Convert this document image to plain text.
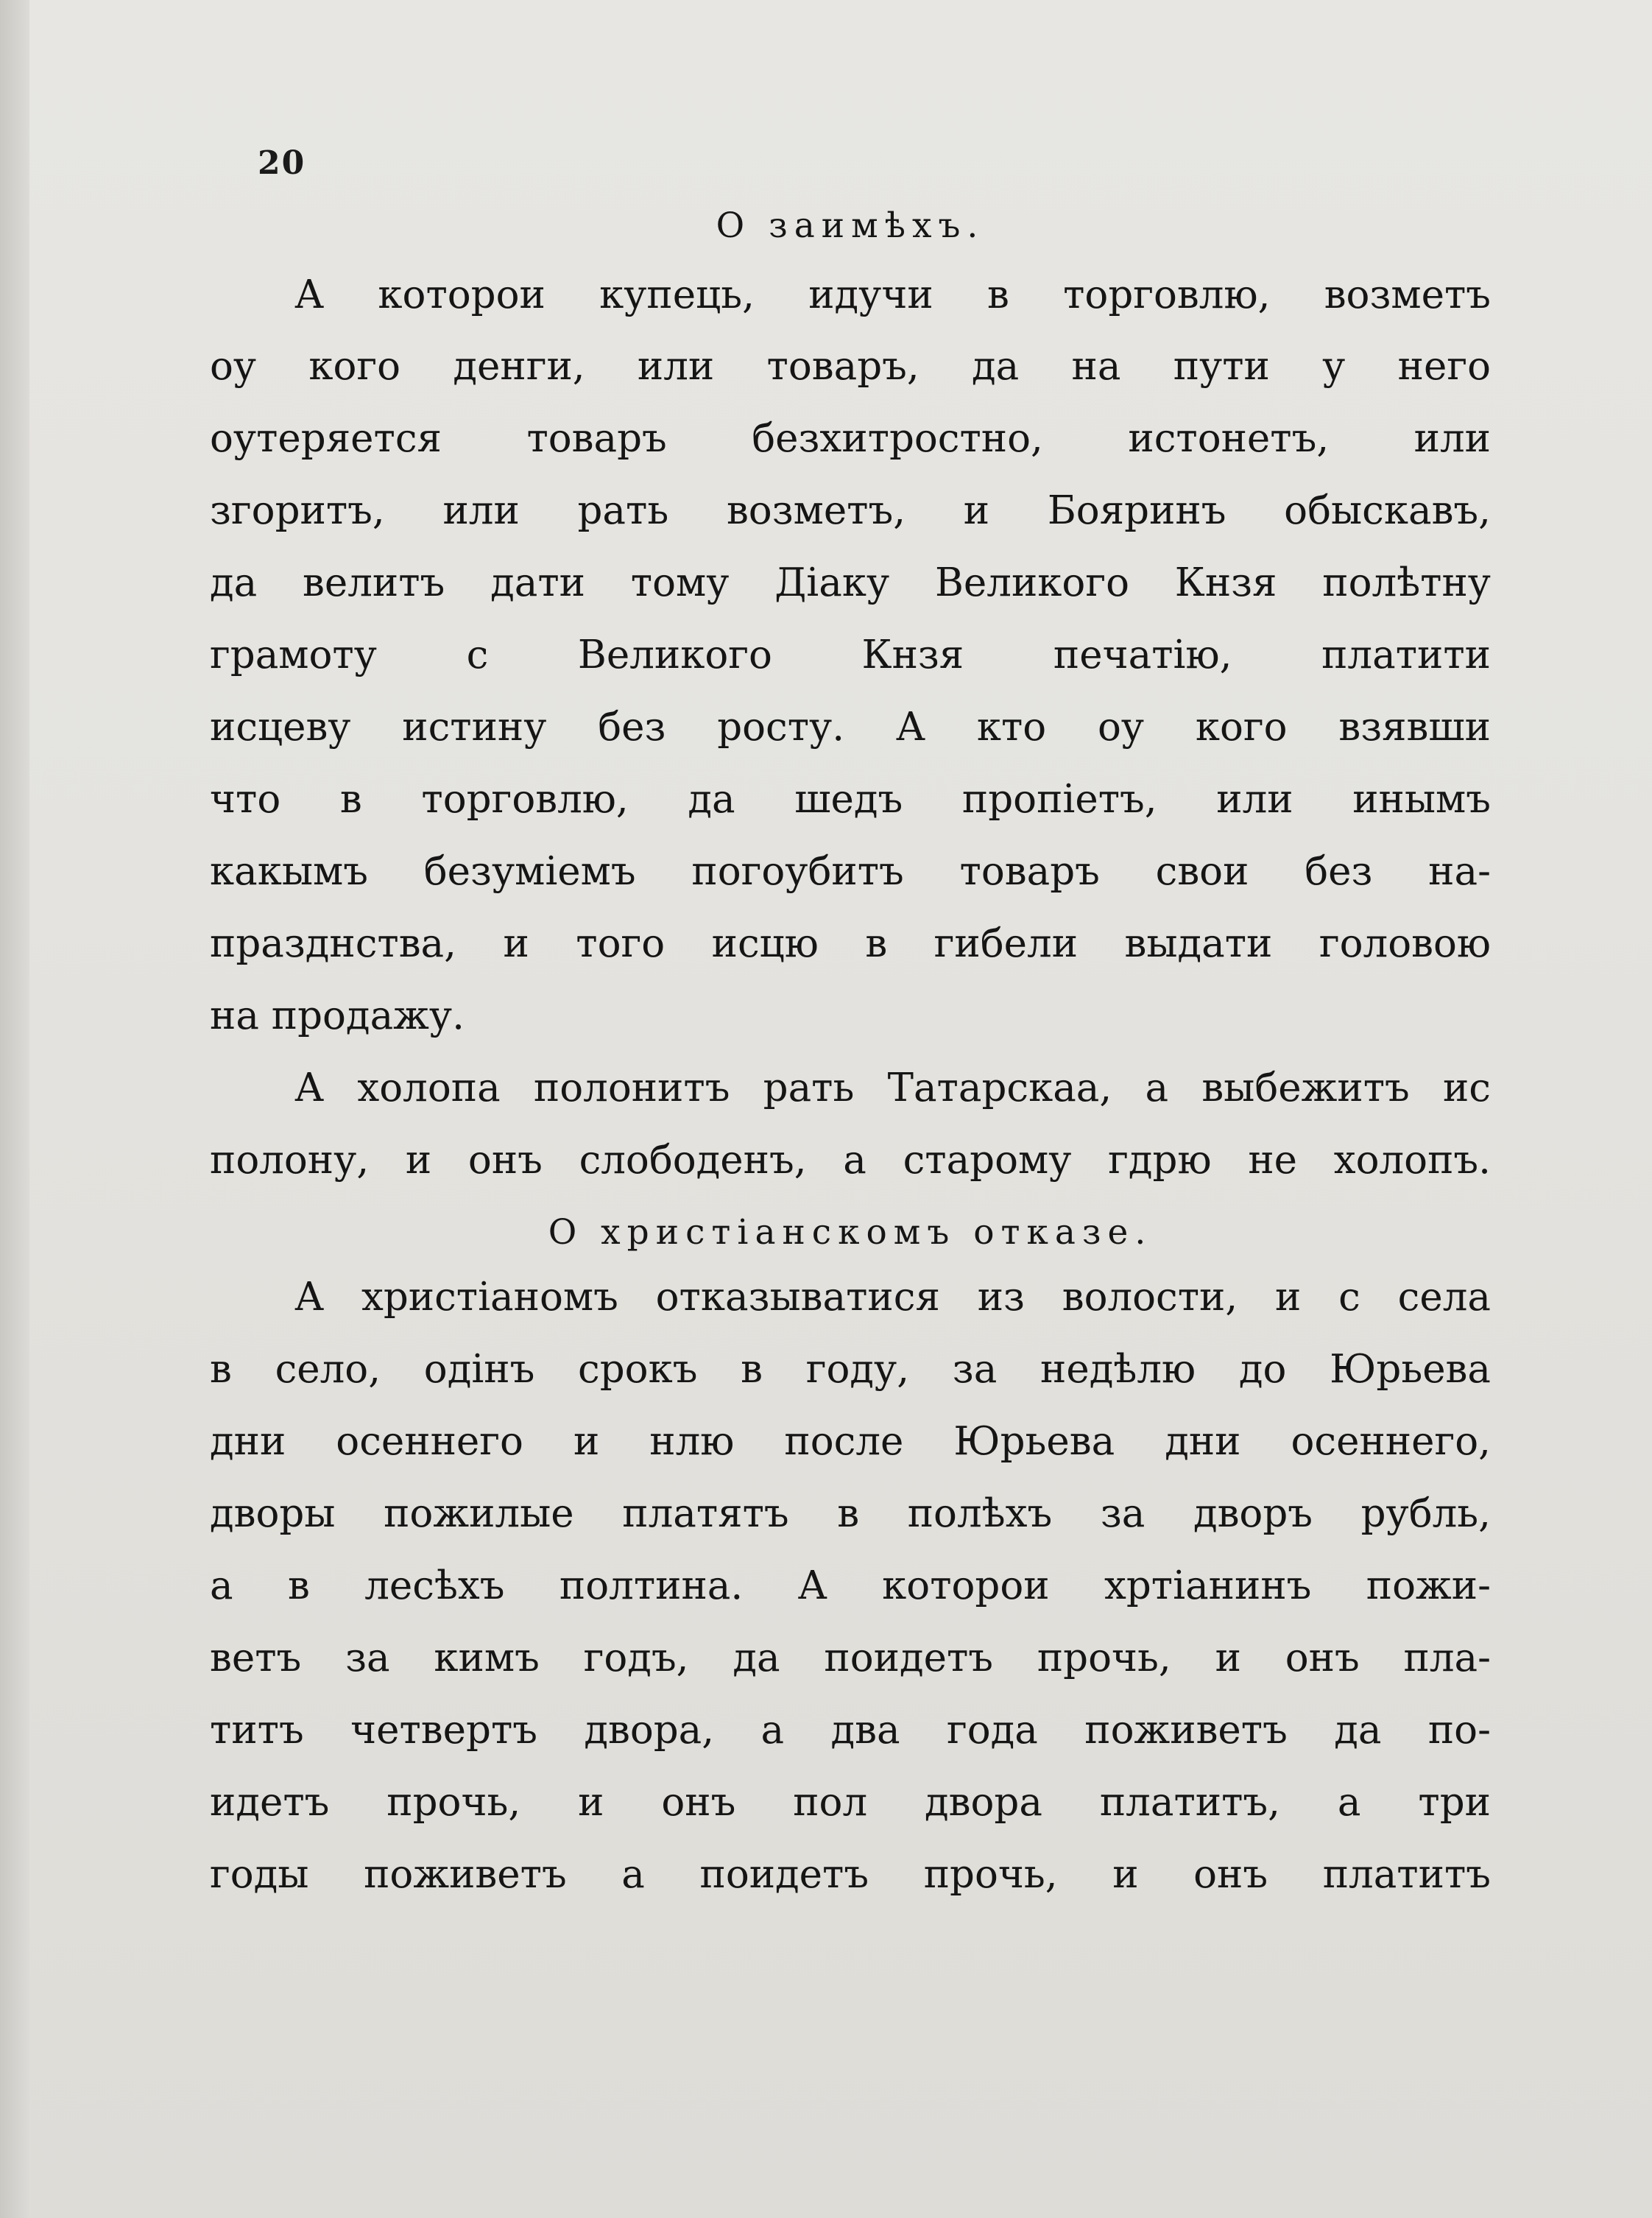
20
О заимѣхъ.
А которои купець, идучи в торговлю, возметъ
оу кого денги, или товаръ, да на пути у него
оутеряется товаръ безхитростно, истонетъ, или
згоритъ, или рать возметъ, и Бояринъ обыскавъ,
да велитъ дати тому Діаку Великого Кнзя полѣтну
грамоту с Великого Кнзя печатію, платити
исцеву истину без росту. А кто оу кого взявши
что в торговлю, да шедъ пропіетъ, или инымъ
какымъ безуміемъ погоубитъ товаръ свои без на-
празднства, и того исцю в гибели выдати головою
на продажу.
А холопа полонитъ рать Татарскаа, а выбежитъ ис
полону, и онъ слободенъ, а старому гдрю не холопъ.
О христіанскомъ отказе.
А христіаномъ отказыватися из волости, и с села
в село, одінъ срокъ в году, за недѣлю до Юрьева
дни осеннего и нлю после Юрьева дни осеннего,
дворы пожилые платятъ в полѣхъ за дворъ рубль,
а в лесѣхъ полтина. А которои хртіанинъ пожи-
ветъ за кимъ годъ, да поидетъ прочь, и онъ пла-
титъ четвертъ двора, а два года поживетъ да по-
идетъ прочь, и онъ пол двора платитъ, а три
годы поживетъ а поидетъ прочь, и онъ платитъ
